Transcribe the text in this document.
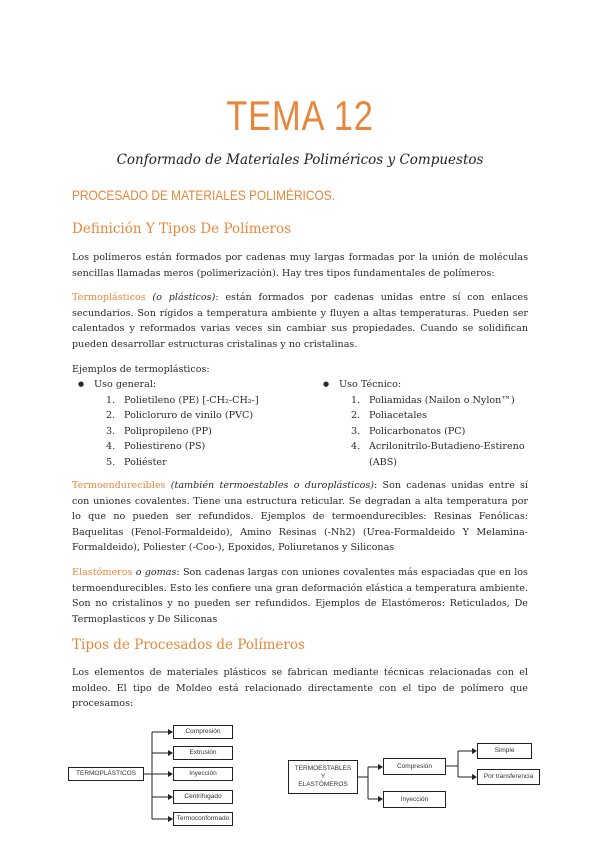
TEMA 12
Conformado de Materiales Poliméricos y Compuestos
PROCESADO DE MATERIALES POLIMÉRICOS.
Definición Y Tipos De Polímeros
Los polímeros están formados por cadenas muy largas formadas por la unión de moléculas sencillas llamadas meros (polimerización). Hay tres tipos fundamentales de polímeros:
Termoplásticos (o plásticos): están formados por cadenas unidas entre sí con enlaces secundarios. Son rígidos a temperatura ambiente y fluyen a altas temperaturas. Pueden ser calentados y reformados varias veces sin cambiar sus propiedades. Cuando se solidifican pueden desarrollar estructuras cristalinas y no cristalinas.
Ejemplos de termoplásticos:
● Uso general:
1. Polietileno (PE) [-CH₂-CH₂-]
2. Policloruro de vinilo (PVC)
3. Polipropileno (PP)
4. Poliestireno (PS)
5. Poliéster
● Uso Técnico:
1. Poliamidas (Nailon o Nylon™)
2. Poliacetales
3. Policarbonatos (PC)
4. Acrilonitrilo-Butadieno-Estireno
(ABS)
Termoendurecibles (también termoestables o duroplásticos): Son cadenas unidas entre sí con uniones covalentes. Tiene una estructura reticular. Se degradan a alta temperatura por lo que no pueden ser refundidos. Ejemplos de termoendurecibles: Resinas Fenólicas: Baquelitas (Fenol-Formaldeido), Amino Resinas (-Nh2) (Urea-Formaldeido Y Melamina-Formaldeido), Poliester (-Coo-), Epoxidos, Poliuretanos y Siliconas
Elastómeros o gomas: Son cadenas largas con uniones covalentes más espaciadas que en los termoendurecibles. Esto les confiere una gran deformación elástica a temperatura ambiente. Son no cristalinos y no pueden ser refundidos. Ejemplos de Elastómeros: Reticulados, De Termoplasticos y De Siliconas
Tipos de Procesados de Polímeros
Los elementos de materiales plásticos se fabrican mediante técnicas relacionadas con el moldeo. El tipo de Moldeo está relacionado directamente con el tipo de polímero que procesamos:
TERMOPLÁSTICOS
Compresión
Extrusión
Inyección
Centrifugado
Termoconformado
TERMOESTABLES
Y
ELASTÓMEROS
Compresión
Inyección
Simple
Por transferencia
